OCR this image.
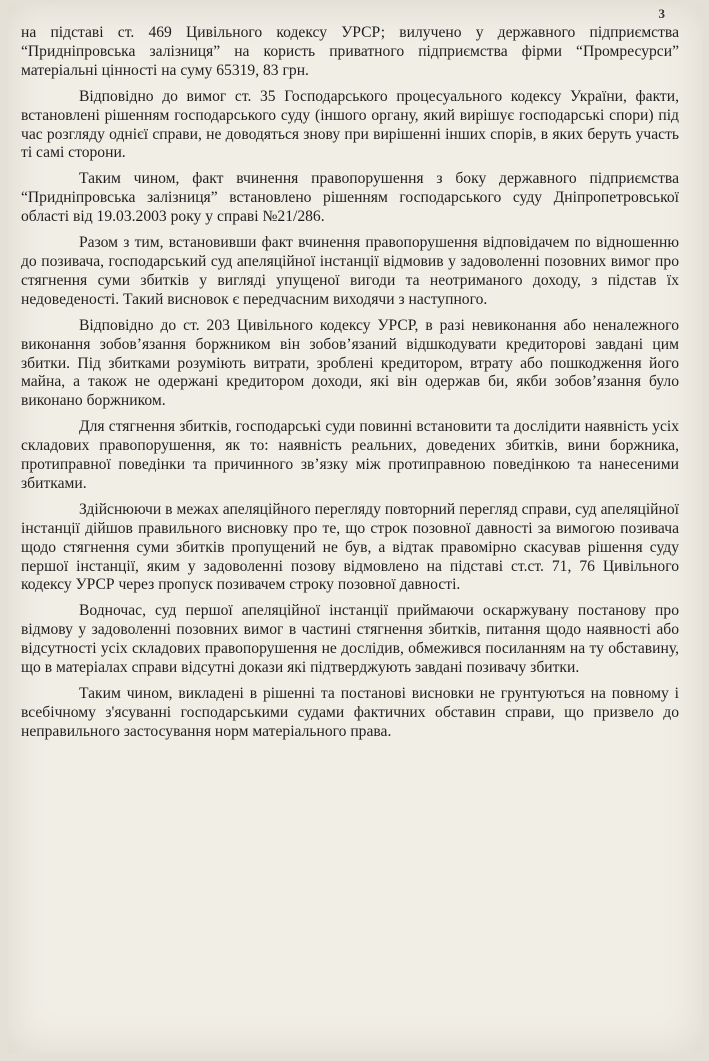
3

на підставі ст. 469 Цивільного кодексу УРСР; вилучено у державного підприємства “Придніпровська залізниця” на користь приватного підприємства фірми “Промресурси” матеріальні цінності на суму 65319, 83 грн.

Відповідно до вимог ст. 35 Господарського процесуального кодексу України, факти, встановлені рішенням господарського суду (іншого органу, який вирішує господарські спори) під час розгляду однієї справи, не доводяться знову при вирішенні інших спорів, в яких беруть участь ті самі сторони.

Таким чином, факт вчинення правопорушення з боку державного підприємства “Придніпровська залізниця” встановлено рішенням господарського суду Дніпропетровської області від 19.03.2003 року у справі №21/286.

Разом з тим, встановивши факт вчинення правопорушення відповідачем по відношенню до позивача, господарський суд апеляційної інстанції відмовив у задоволенні позовних вимог про стягнення суми збитків у вигляді упущеної вигоди та неотриманого доходу, з підстав їх недоведеності. Такий висновок є передчасним виходячи з наступного.

Відповідно до ст. 203 Цивільного кодексу УРСР, в разі невиконання або неналежного виконання зобов’язання боржником він зобов’язаний відшкодувати кредиторові завдані цим збитки. Під збитками розуміють витрати, зроблені кредитором, втрату або пошкодження його майна, а також не одержані кредитором доходи, які він одержав би, якби зобов’язання було виконано боржником.

Для стягнення збитків, господарські суди повинні встановити та дослідити наявність усіх складових правопорушення, як то: наявність реальних, доведених збитків, вини боржника, протиправної поведінки та причинного зв’язку між протиправною поведінкою та нанесеними збитками.

Здійснюючи в межах апеляційного перегляду повторний перегляд справи, суд апеляційної інстанції дійшов правильного висновку про те, що строк позовної давності за вимогою позивача щодо стягнення суми збитків пропущений не був, а відтак правомірно скасував рішення суду першої інстанції, яким у задоволенні позову відмовлено на підставі ст.ст. 71, 76 Цивільного кодексу УРСР через пропуск позивачем строку позовної давності.

Водночас, суд першої апеляційної інстанції приймаючи оскаржувану постанову про відмову у задоволенні позовних вимог в частині стягнення збитків, питання щодо наявності або відсутності усіх складових правопорушення не дослідив, обмежився посиланням на ту обставину, що в матеріалах справи відсутні докази які підтверджують завдані позивачу збитки.

Таким чином, викладені в рішенні та постанові висновки не грунтуються на повному і всебічному з'ясуванні господарськими судами фактичних обставин справи, що призвело до неправильного застосування норм матеріального права.
